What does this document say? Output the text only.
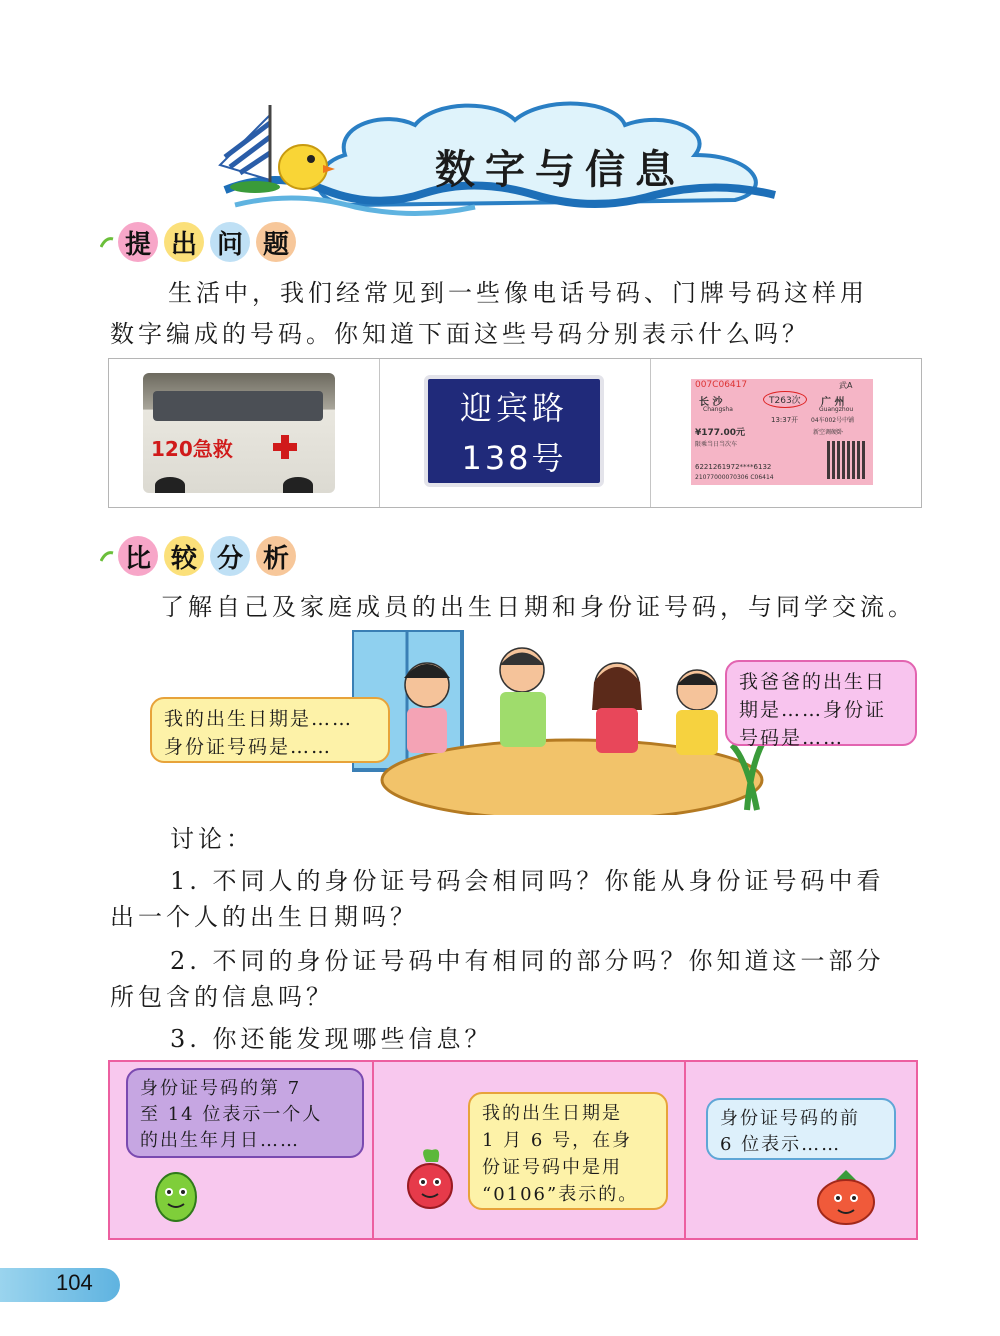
数字与信息
提 出 问 题
生活中，我们经常见到一些像电话号码、门牌号码这样用
数字编成的号码。你知道下面这些号码分别表示什么吗？
120急救
迎宾路
138号
007C06417	武A
长 沙	T263次	广 州
Changsha	Guangzhou
13:37开 04车002号中铺
¥177.00元	新空调硬卧
限乘当日当次车
6221261972****6132
21077000070306 C06414
比 较 分 析
了解自己及家庭成员的出生日期和身份证号码，与同学交流。
我的出生日期是……
身份证号码是……
我爸爸的出生日
期是……身份证
号码是……
讨论：
1. 不同人的身份证号码会相同吗？你能从身份证号码中看
出一个人的出生日期吗？
2. 不同的身份证号码中有相同的部分吗？你知道这一部分
所包含的信息吗？
3. 你还能发现哪些信息？
身份证号码的第 7
至 14 位表示一个人
的出生年月日……
我的出生日期是
1 月 6 号，在身
份证号码中是用
“0106”表示的。
身份证号码的前
6 位表示……
104
